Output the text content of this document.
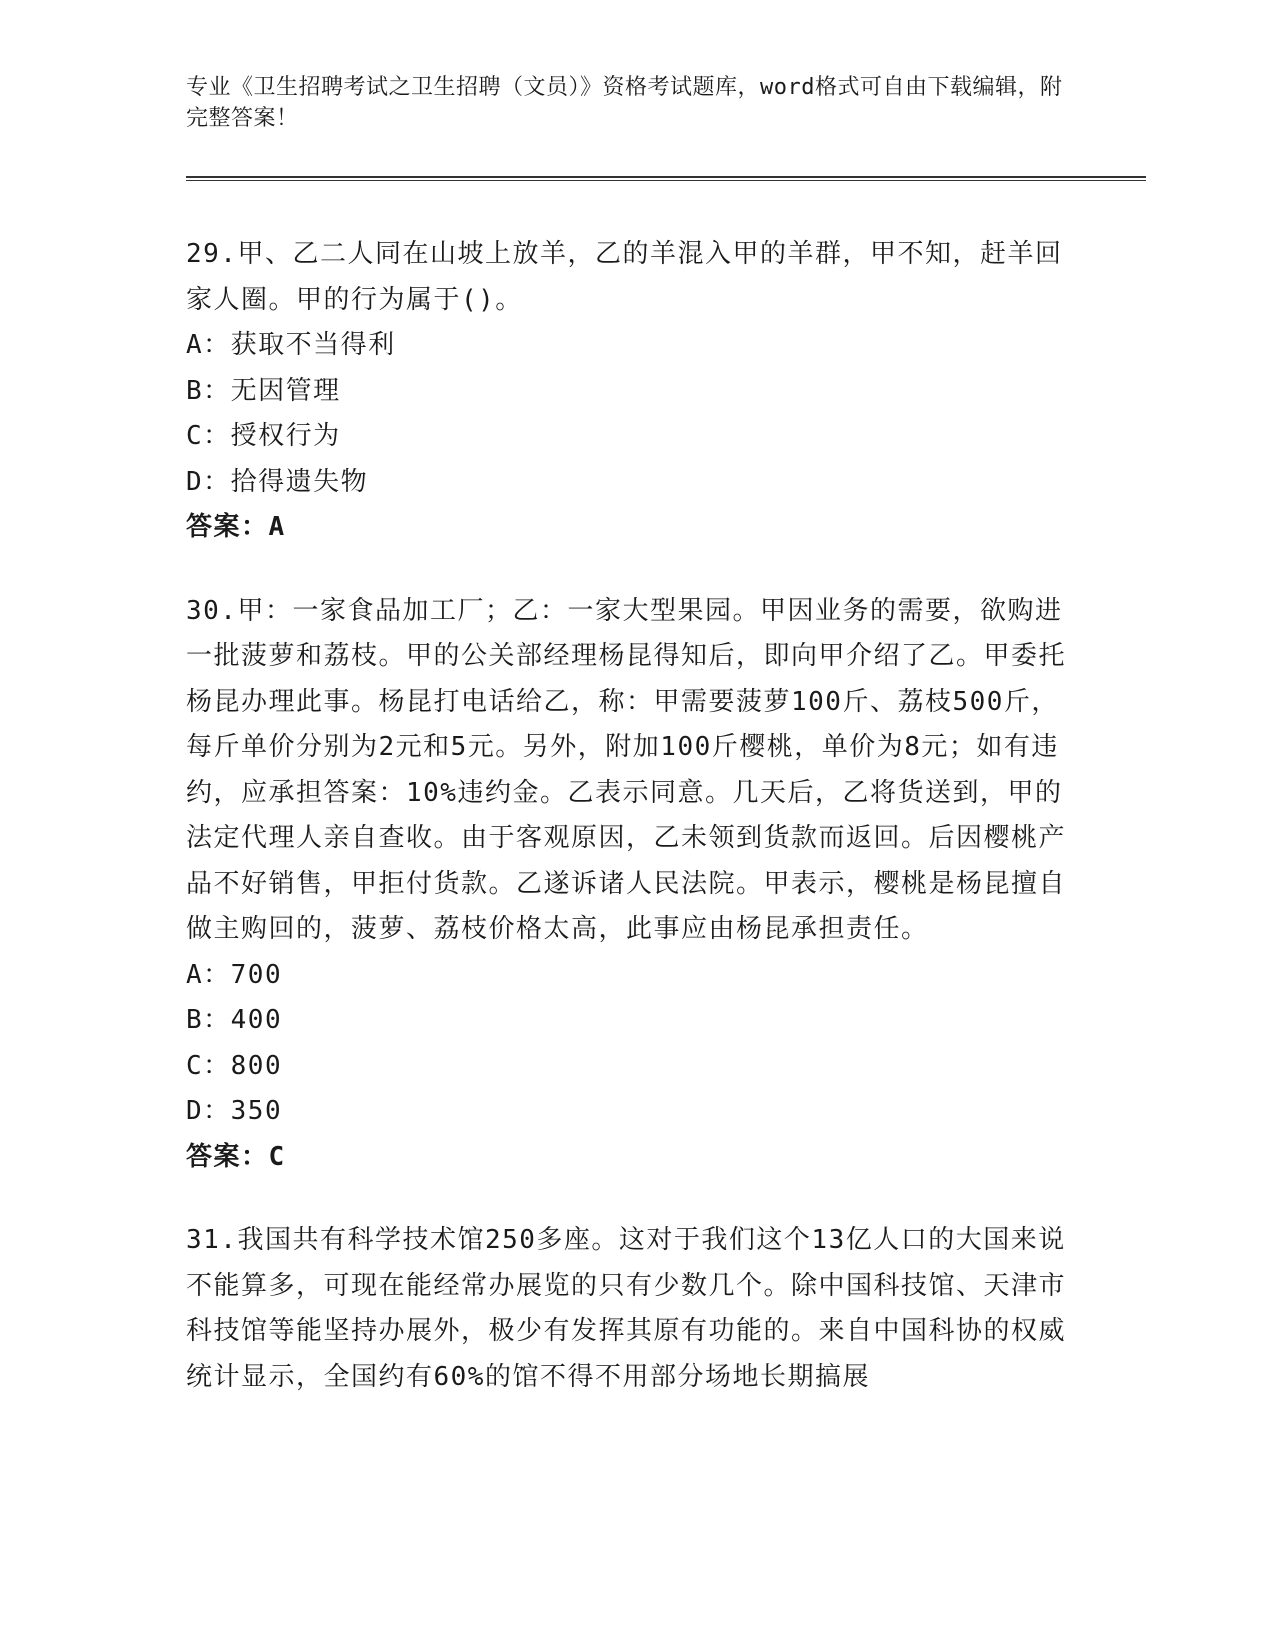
专业《卫生招聘考试之卫生招聘（文员）》资格考试题库，word格式可自由下载编辑，附完整答案！

29.甲、乙二人同在山坡上放羊，乙的羊混入甲的羊群，甲不知，赶羊回家人圈。甲的行为属于()。

A：获取不当得利

B：无因管理

C：授权行为

D：拾得遗失物

答案：A

30.甲：一家食品加工厂；乙：一家大型果园。甲因业务的需要，欲购进一批菠萝和荔枝。甲的公关部经理杨昆得知后，即向甲介绍了乙。甲委托杨昆办理此事。杨昆打电话给乙，称：甲需要菠萝100斤、荔枝500斤，每斤单价分别为2元和5元。另外，附加100斤樱桃，单价为8元；如有违约，应承担答案：10%违约金。乙表示同意。几天后，乙将货送到，甲的法定代理人亲自查收。由于客观原因，乙未领到货款而返回。后因樱桃产品不好销售，甲拒付货款。乙遂诉诸人民法院。甲表示，樱桃是杨昆擅自做主购回的，菠萝、荔枝价格太高，此事应由杨昆承担责任。

A：700

B：400

C：800

D：350

答案：C

31.我国共有科学技术馆250多座。这对于我们这个13亿人口的大国来说不能算多，可现在能经常办展览的只有少数几个。除中国科技馆、天津市科技馆等能坚持办展外，极少有发挥其原有功能的。来自中国科协的权威统计显示，全国约有60%的馆不得不用部分场地长期搞展
